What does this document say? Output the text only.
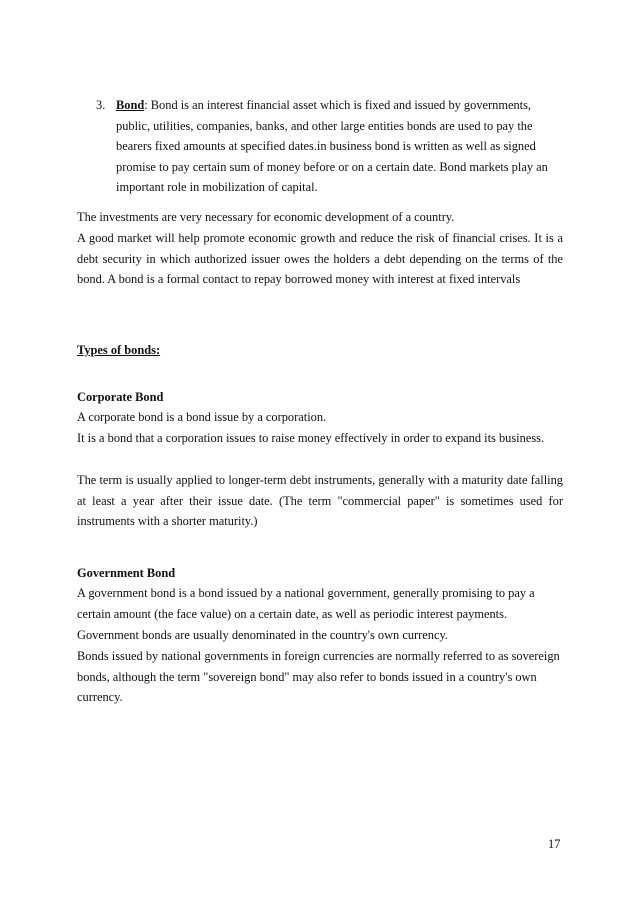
3. Bond: Bond is an interest financial asset which is fixed and issued by governments, public, utilities, companies, banks, and other large entities bonds are used to pay the bearers fixed amounts at specified dates.in business bond is written as well as signed promise to pay certain sum of money before or on a certain date. Bond markets play an important role in mobilization of capital.
The investments are very necessary for economic development of a country.
A good market will help promote economic growth and reduce the risk of financial crises. It is a debt security in which authorized issuer owes the holders a debt depending on the terms of the bond. A bond is a formal contact to repay borrowed money with interest at fixed intervals
Types of bonds:
Corporate Bond
A corporate bond is a bond issue by a corporation.
It is a bond that a corporation issues to raise money effectively in order to expand its business.
The term is usually applied to longer-term debt instruments, generally with a maturity date falling at least a year after their issue date. (The term "commercial paper" is sometimes used for instruments with a shorter maturity.)
Government Bond
A government bond is a bond issued by a national government, generally promising to pay a certain amount (the face value) on a certain date, as well as periodic interest payments.
Government bonds are usually denominated in the country's own currency.
Bonds issued by national governments in foreign currencies are normally referred to as sovereign bonds, although the term "sovereign bond" may also refer to bonds issued in a country's own currency.
17
